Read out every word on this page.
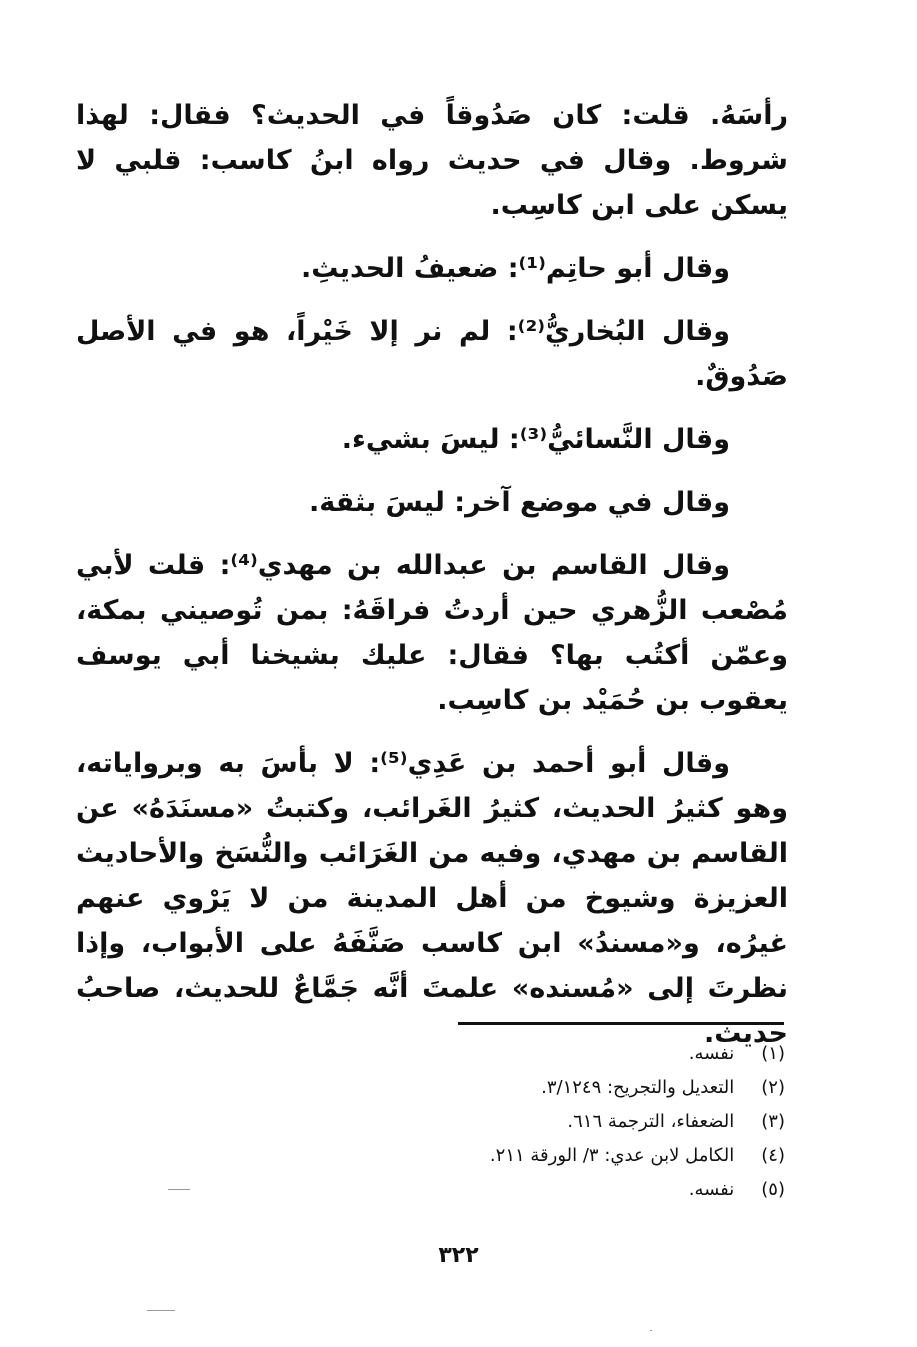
رأسَهُ. قلت: كان صَدُوقاً في الحديث؟ فقال: لهذا شروط. وقال في حديث رواه ابنُ كاسب: قلبي لا يسكن على ابن كاسِب.

وقال أبو حاتِم⁽¹⁾: ضعيفُ الحديثِ.

وقال البُخاريُّ⁽²⁾: لم نر إلا خَيْراً، هو في الأصل صَدُوقٌ.

وقال النَّسائيُّ⁽³⁾: ليسَ بشيء.

وقال في موضع آخر: ليسَ بثقة.

وقال القاسم بن عبدالله بن مهدي⁽⁴⁾: قلت لأبي مُصْعب الزُّهري حين أردتُ فراقَهُ: بمن تُوصيني بمكة، وعمّن أكتُب بها؟ فقال: عليك بشيخنا أبي يوسف يعقوب بن حُمَيْد بن كاسِب.

وقال أبو أحمد بن عَدِي⁽⁵⁾: لا بأسَ به وبرواياته، وهو كثيرُ الحديث، كثيرُ الغَرائب، وكتبتُ «مسنَدَهُ» عن القاسم بن مهدي، وفيه من الغَرَائب والنُّسَخ والأحاديث العزيزة وشيوخ من أهل المدينة من لا يَرْوي عنهم غيرُه، و«مسندُ» ابن كاسب صَنَّفَهُ على الأبواب، وإذا نظرتَ إلى «مُسنده» علمتَ أنَّه جَمَّاعٌ للحديث، صاحبُ حديث.

(١) نفسه.
(٢) التعديل والتجريح: ٣/١٢٤٩.
(٣) الضعفاء، الترجمة ٦١٦.
(٤) الكامل لابن عدي: ٣/ الورقة ٢١١.
(٥) نفسه.
٣٢٢
